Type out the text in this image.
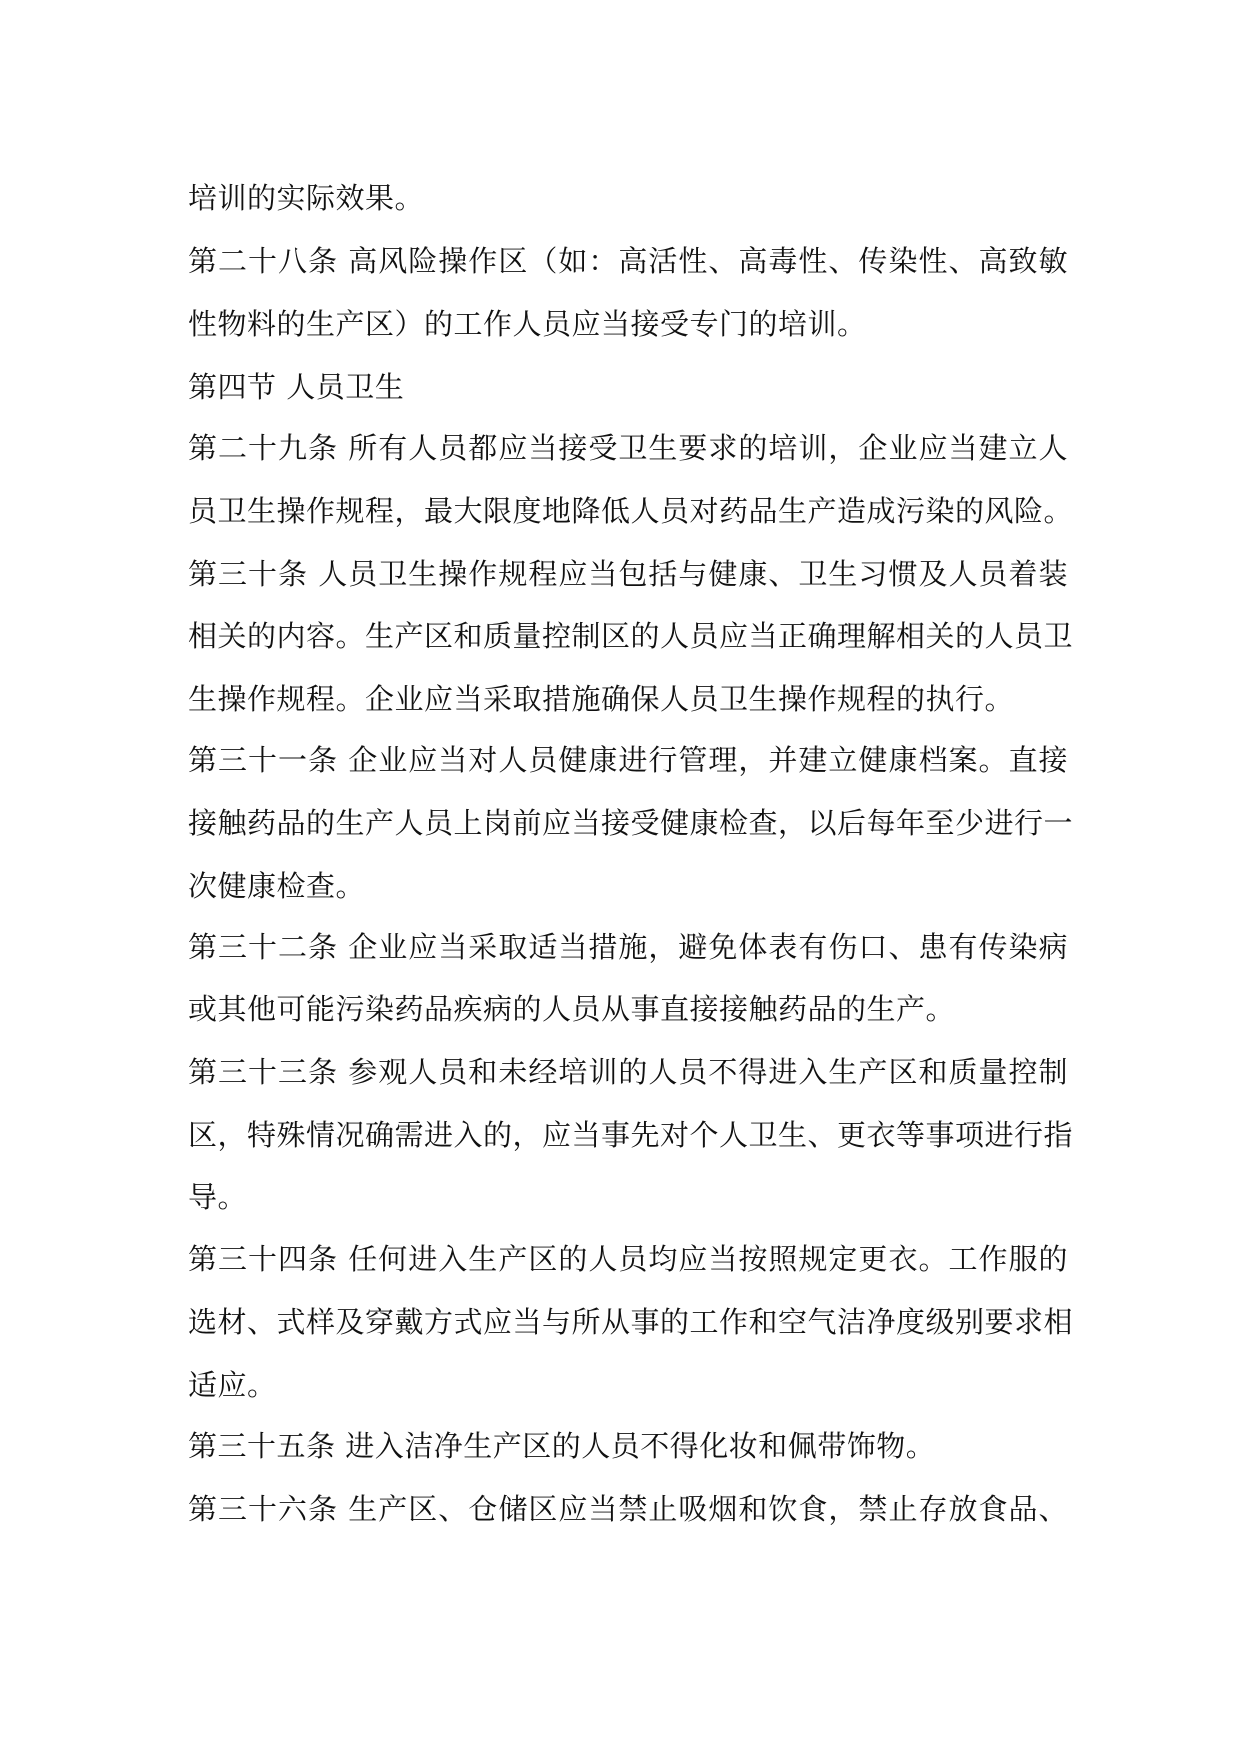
培训的实际效果。
第二十八条 高风险操作区（如：高活性、高毒性、传染性、高致敏
性物料的生产区）的工作人员应当接受专门的培训。
第四节 人员卫生
第二十九条 所有人员都应当接受卫生要求的培训，企业应当建立人
员卫生操作规程，最大限度地降低人员对药品生产造成污染的风险。
第三十条 人员卫生操作规程应当包括与健康、卫生习惯及人员着装
相关的内容。生产区和质量控制区的人员应当正确理解相关的人员卫
生操作规程。企业应当采取措施确保人员卫生操作规程的执行。
第三十一条 企业应当对人员健康进行管理，并建立健康档案。直接
接触药品的生产人员上岗前应当接受健康检查，以后每年至少进行一
次健康检查。
第三十二条 企业应当采取适当措施，避免体表有伤口、患有传染病
或其他可能污染药品疾病的人员从事直接接触药品的生产。
第三十三条 参观人员和未经培训的人员不得进入生产区和质量控制
区，特殊情况确需进入的，应当事先对个人卫生、更衣等事项进行指
导。
第三十四条 任何进入生产区的人员均应当按照规定更衣。工作服的
选材、式样及穿戴方式应当与所从事的工作和空气洁净度级别要求相
适应。
第三十五条 进入洁净生产区的人员不得化妆和佩带饰物。
第三十六条 生产区、仓储区应当禁止吸烟和饮食，禁止存放食品、
